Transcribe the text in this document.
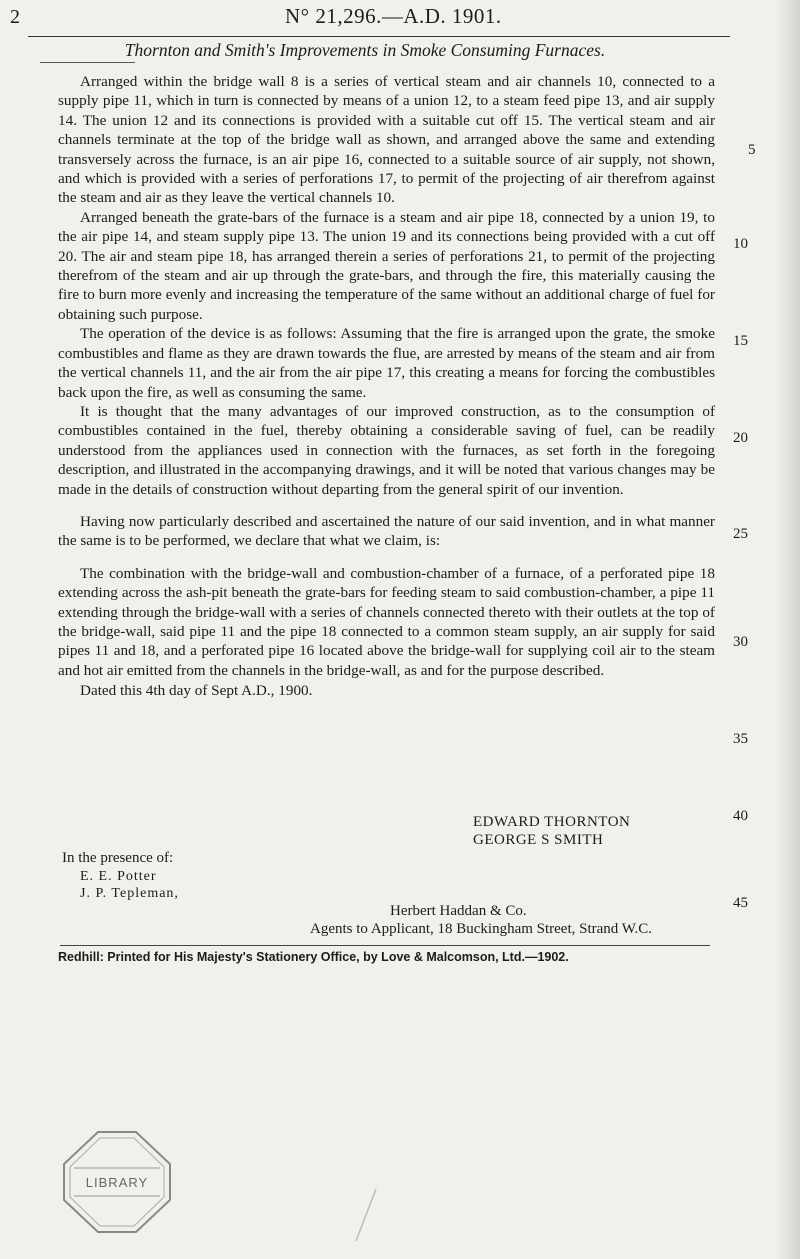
2	N° 21,296.—A.D. 1901.
Thornton and Smith's Improvements in Smoke Consuming Furnaces.

Arranged within the bridge wall 8 is a series of vertical steam and air channels 10, connected to a supply pipe 11, which in turn is connected by means of a union 12, to a steam feed pipe 13, and air supply 14. The union 12 and its connections is provided with a suitable cut off 15. The vertical steam and air channels terminate at the top of the bridge wall as shown, and arranged above the same and extending transversely across the furnace, is an air pipe 16, connected to a suitable source of air supply, not shown, and which is provided with a series of perforations 17, to permit of the projecting of air therefrom against the steam and air as they leave the vertical channels 10.

Arranged beneath the grate-bars of the furnace is a steam and air pipe 18, connected by a union 19, to the air pipe 14, and steam supply pipe 13. The union 19 and its connections being provided with a cut off 20. The air and steam pipe 18, has arranged therein a series of perforations 21, to permit of the projecting therefrom of the steam and air up through the grate-bars, and through the fire, this materially causing the fire to burn more evenly and increasing the temperature of the same without an additional charge of fuel for obtaining such purpose.

The operation of the device is as follows: Assuming that the fire is arranged upon the grate, the smoke combustibles and flame as they are drawn towards the flue, are arrested by means of the steam and air from the vertical channels 11, and the air from the air pipe 17, this creating a means for forcing the combustibles back upon the fire, as well as consuming the same.

It is thought that the many advantages of our improved construction, as to the consumption of combustibles contained in the fuel, thereby obtaining a considerable saving of fuel, can be readily understood from the appliances used in connection with the furnaces, as set forth in the foregoing description, and illustrated in the accompanying drawings, and it will be noted that various changes may be made in the details of construction without departing from the general spirit of our invention.

Having now particularly described and ascertained the nature of our said invention, and in what manner the same is to be performed, we declare that what we claim, is:

The combination with the bridge-wall and combustion-chamber of a furnace, of a perforated pipe 18 extending across the ash-pit beneath the grate-bars for feeding steam to said combustion-chamber, a pipe 11 extending through the bridge-wall with a series of channels connected thereto with their outlets at the top of the bridge-wall, said pipe 11 and the pipe 18 connected to a common steam supply, an air supply for said pipes 11 and 18, and a perforated pipe 16 located above the bridge-wall for supplying coil air to the steam and hot air emitted from the channels in the bridge-wall, as and for the purpose described.

Dated this 4th day of Sept A.D., 1900.
5
10
15
20
25
30
35
40
45
EDWARD THORNTON
GEORGE S SMITH
In the presence of:
E. E. Potter
J. P. Tepleman,
Herbert Haddan & Co.
Agents to Applicant, 18 Buckingham Street, Strand W.C.
Redhill: Printed for His Majesty's Stationery Office, by Love & Malcomson, Ltd.—1902.
LIBRARY
